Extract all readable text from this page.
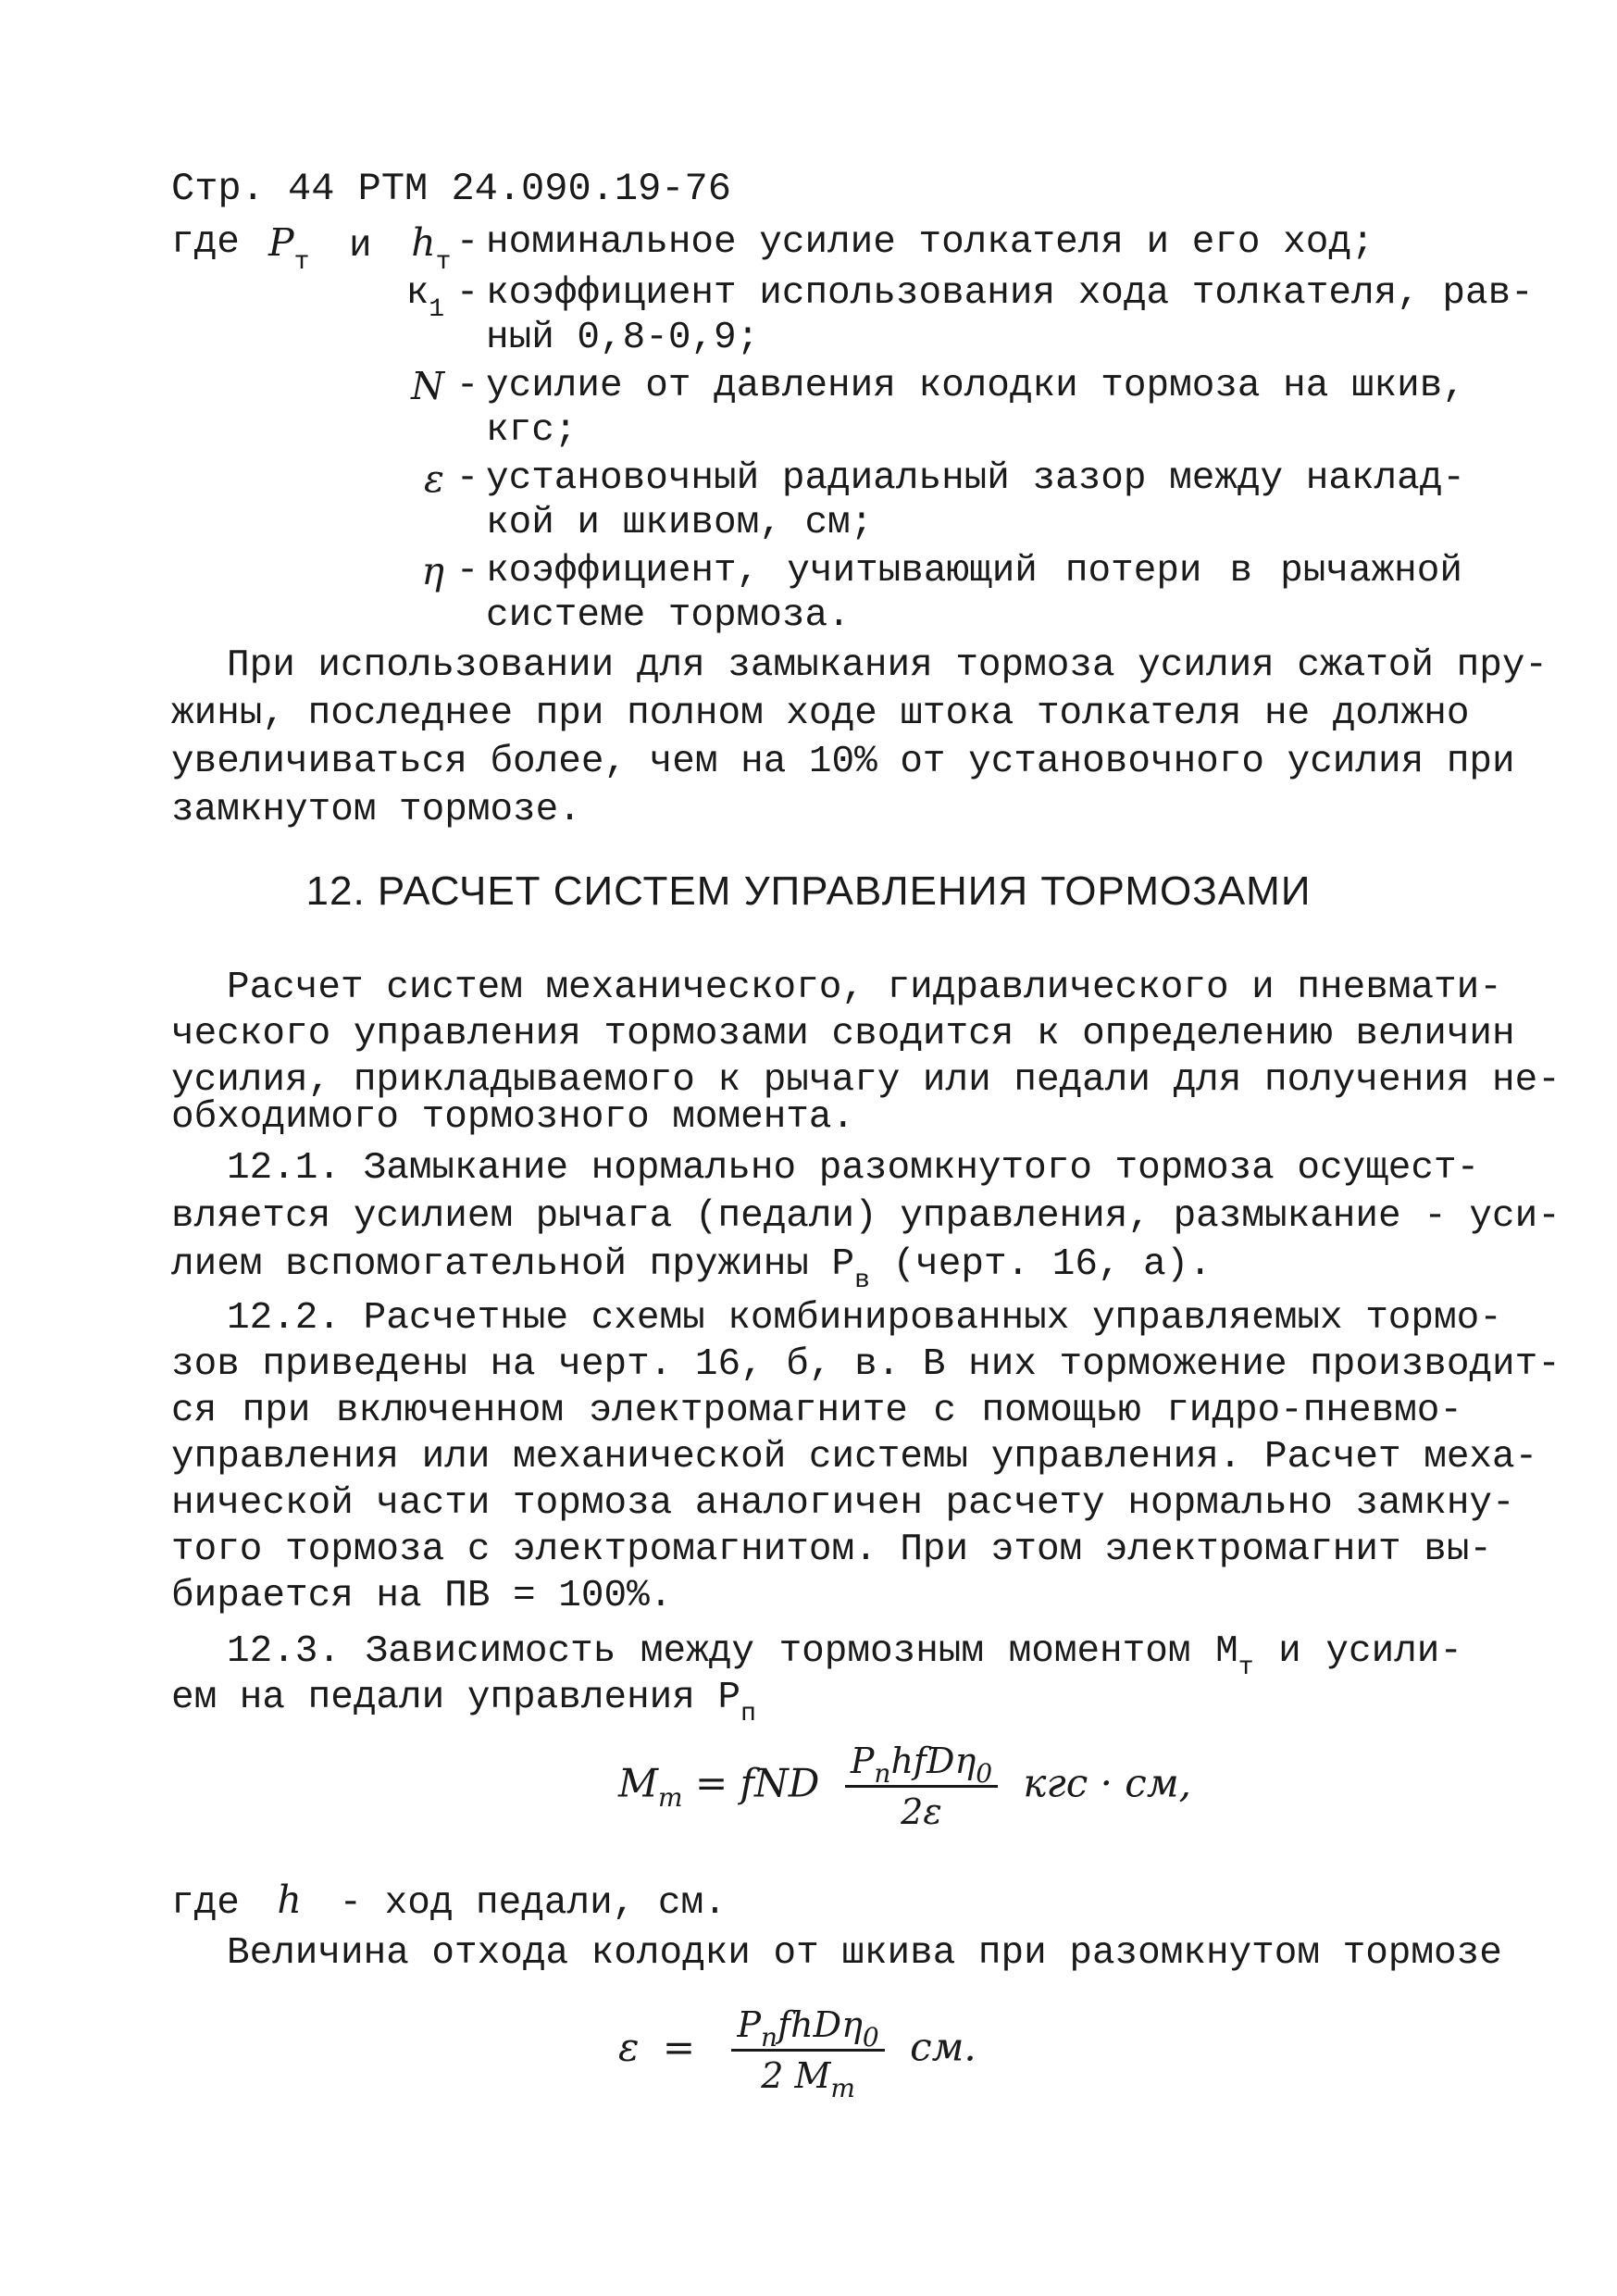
Стр. 44 РТМ 24.090.19-76
где $P_т$ и $h_т$ - номинальное усилие толкателя и его ход;
$к_1$ - коэффициент использования хода толкателя, рав-
ный 0,8-0,9;
N - усилие от давления колодки тормоза на шкив,
кгс;
ε - установочный радиальный зазор между наклад-
кой и шкивом, см;
η - коэффициент, учитывающий потери в рычажной
системе тормоза.
При использовании для замыкания тормоза усилия сжатой пру-
жины, последнее при полном ходе штока толкателя не должно
увеличиваться более, чем на 10% от установочного усилия при
замкнутом тормозе.
12. РАСЧЕТ СИСТЕМ УПРАВЛЕНИЯ ТОРМОЗАМИ
Расчет систем механического, гидравлического и пневмати-
ческого управления тормозами сводится к определению величин
усилия, прикладываемого к рычагу или педали для получения не-
обходимого тормозного момента.
12.1. Замыкание нормально разомкнутого тормоза осущест-
вляется усилием рычага (педали) управления, размыкание - уси-
лием вспомогательной пружины $P_в$ (черт. 16, а).
12.2. Расчетные схемы комбинированных управляемых тормо-
зов приведены на черт. 16, б, в. В них торможение производит-
ся при включенном электромагните с помощью гидро-пневмо-
управления или механической системы управления. Расчет меха-
нической части тормоза аналогичен расчету нормально замкну-
того тормоза с электромагнитом. При этом электромагнит вы-
бирается на ПВ = 100%.
12.3. Зависимость между тормозным моментом $M_т$ и усили-
ем на педали управления $P_п$
$M_т$ = fND $\frac{P_nhfD\eta_0}{2\varepsilon}$ кгс · см,
где h - ход педали, см.
Величина отхода колодки от шкива при разомкнутом тормозе
$\varepsilon = \frac{P_nfhD\eta_0}{2 M_т}$ см.
